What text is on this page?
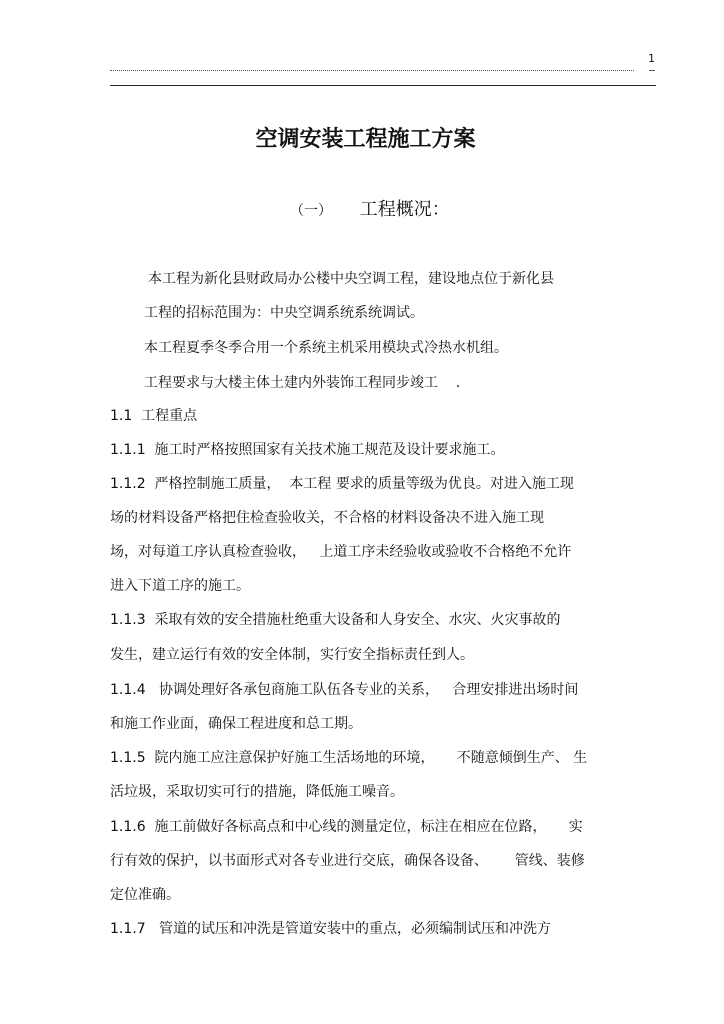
1
空调安装工程施工方案
（一） 工程概况：
本工程为新化县财政局办公楼中央空调工程，建设地点位于新化县
工程的招标范围为：中央空调系统系统调试。
本工程夏季冬季合用一个系统主机采用模块式冷热水机组。
工程要求与大楼主体土建内外装饰工程同步竣工    .
1.1  工程重点
1.1.1  施工时严格按照国家有关技术施工规范及设计要求施工。
1.1.2  严格控制施工质量，  本工程 要求的质量等级为优良。对进入施工现
场的材料设备严格把住检查验收关，不合格的材料设备决不进入施工现
场，对每道工序认真检查验收，   上道工序未经验收或验收不合格绝不允许
进入下道工序的施工。
1.1.3  采取有效的安全措施杜绝重大设备和人身安全、水灾、火灾事故的
发生，建立运行有效的安全体制，实行安全指标责任到人。
1.1.4   协调处理好各承包商施工队伍各专业的关系，   合理安排进出场时间
和施工作业面，确保工程进度和总工期。
1.1.5  院内施工应注意保护好施工生活场地的环境，     不随意倾倒生产、 生
活垃圾，采取切实可行的措施，降低施工噪音。
1.1.6  施工前做好各标高点和中心线的测量定位，标注在相应在位路，     实
行有效的保护，以书面形式对各专业进行交底，确保各设备、      管线、装修
定位准确。
1.1.7   管道的试压和冲洗是管道安装中的重点，必须编制试压和冲洗方
